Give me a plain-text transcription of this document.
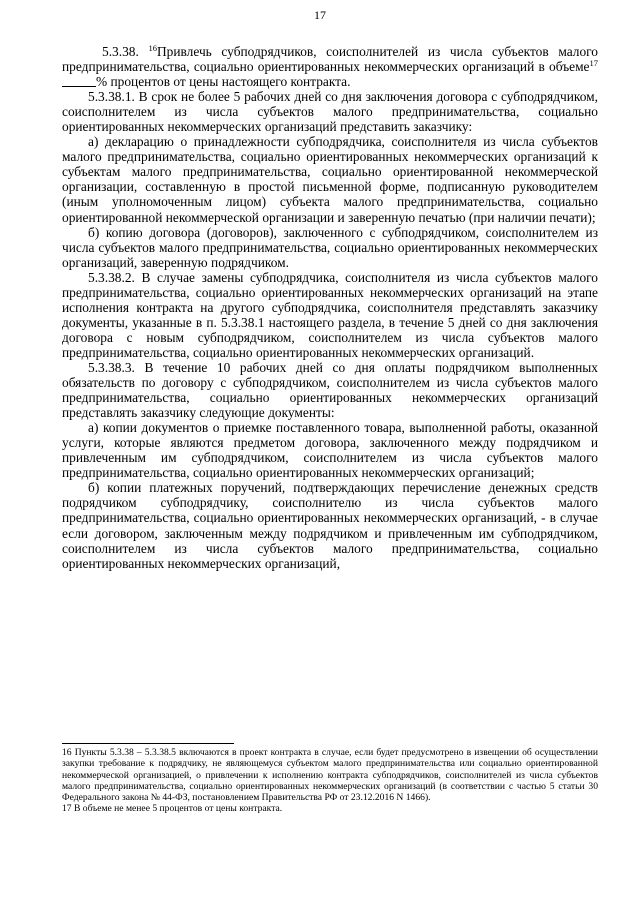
17

5.3.38. $^{16}$Привлечь субподрядчиков, соисполнителей из числа субъектов малого предпринимательства, социально ориентированных некоммерческих организаций в объеме$^{17}$ % процентов от цены настоящего контракта.

5.3.38.1. В срок не более 5 рабочих дней со дня заключения договора с субподрядчиком, соисполнителем из числа субъектов малого предпринимательства, социально ориентированных некоммерческих организаций представить заказчику:

а) декларацию о принадлежности субподрядчика, соисполнителя из числа субъектов малого предпринимательства, социально ориентированных некоммерческих организаций к субъектам малого предпринимательства, социально ориентированной некоммерческой организации, составленную в простой письменной форме, подписанную руководителем (иным уполномоченным лицом) субъекта малого предпринимательства, социально ориентированной некоммерческой организации и заверенную печатью (при наличии печати);

б) копию договора (договоров), заключенного с субподрядчиком, соисполнителем из числа субъектов малого предпринимательства, социально ориентированных некоммерческих организаций, заверенную подрядчиком.

5.3.38.2. В случае замены субподрядчика, соисполнителя из числа субъектов малого предпринимательства, социально ориентированных некоммерческих организаций на этапе исполнения контракта на другого субподрядчика, соисполнителя представлять заказчику документы, указанные в п. 5.3.38.1 настоящего раздела, в течение 5 дней со дня заключения договора с новым субподрядчиком, соисполнителем из числа субъектов малого предпринимательства, социально ориентированных некоммерческих организаций.

5.3.38.3. В течение 10 рабочих дней со дня оплаты подрядчиком выполненных обязательств по договору с субподрядчиком, соисполнителем из числа субъектов малого предпринимательства, социально ориентированных некоммерческих организаций представлять заказчику следующие документы:

а) копии документов о приемке поставленного товара, выполненной работы, оказанной услуги, которые являются предметом договора, заключенного между подрядчиком и привлеченным им субподрядчиком, соисполнителем из числа субъектов малого предпринимательства, социально ориентированных некоммерческих организаций;

б) копии платежных поручений, подтверждающих перечисление денежных средств подрядчиком субподрядчику, соисполнителю из числа субъектов малого предпринимательства, социально ориентированных некоммерческих организаций, - в случае если договором, заключенным между подрядчиком и привлеченным им субподрядчиком, соисполнителем из числа субъектов малого предпринимательства, социально ориентированных некоммерческих организаций,

16 Пункты 5.3.38 – 5.3.38.5 включаются в проект контракта в случае, если будет предусмотрено в извещении об осуществлении закупки требование к подрядчику, не являющемуся субъектом малого предпринимательства или социально ориентированной некоммерческой организацией, о привлечении к исполнению контракта субподрядчиков, соисполнителей из числа субъектов малого предпринимательства, социально ориентированных некоммерческих организаций (в соответствии с частью 5 статьи 30 Федерального закона № 44-ФЗ, постановлением Правительства РФ от 23.12.2016 N 1466).

17 В объеме не менее 5 процентов от цены контракта.
